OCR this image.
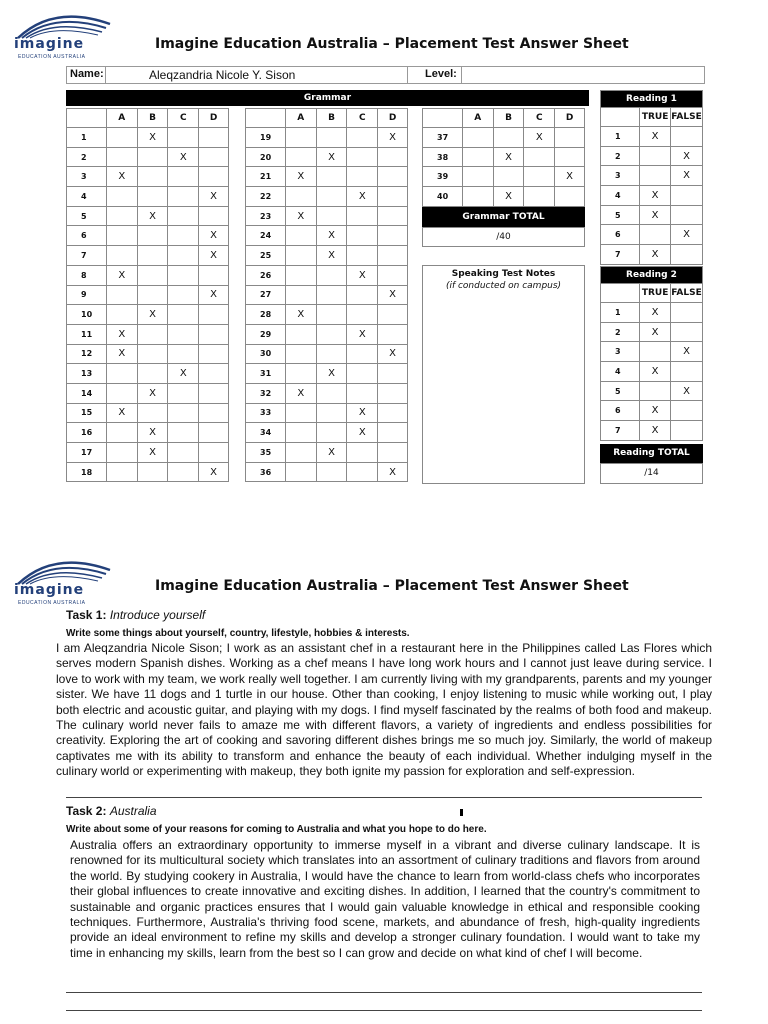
imagine
EDUCATION AUSTRALIA
Imagine Education Australia – Placement Test Answer Sheet
Name:	Aleqzandria Nicole Y. Sison	Level:
Grammar
	A	B	C	D
1		X		
2			X	
3	X			
4				X
5		X		
6				X
7				X
8	X			
9				X
10		X		
11	X			
12	X			
13			X	
14		X		
15	X			
16		X		
17		X		
18				X
	A	B	C	D
19				X
20		X		
21	X			
22			X	
23	X			
24		X		
25		X		
26			X	
27				X
28	X			
29			X	
30				X
31		X		
32	X			
33			X	
34			X	
35		X		
36				X
	A	B	C	D
37			X	
38		X		
39				X
40		X		
Grammar TOTAL
/40
Speaking Test Notes
(if conducted on campus)
Reading 1		
	TRUE	FALSE
1	X	
2		X
3		X
4	X	
5	X	
6		X
7	X	
Reading 2		
	TRUE	FALSE
1	X	
2	X	
3		X
4	X	
5		X
6	X	
7	X	
Reading TOTAL
/14
imagine
EDUCATION AUSTRALIA
Imagine Education Australia – Placement Test Answer Sheet
Task 1: Introduce yourself
Write some things about yourself, country, lifestyle, hobbies & interests.
I am Aleqzandria Nicole Sison; I work as an assistant chef in a restaurant here in the Philippines called Las Flores which serves modern Spanish dishes. Working as a chef means I have long work hours and I cannot just leave during service. I love to work with my team, we work really well together. I am currently living with my grandparents, parents and my younger sister. We have 11 dogs and 1 turtle in our house. Other than cooking, I enjoy listening to music while working out, I play both electric and acoustic guitar, and playing with my dogs. I find myself fascinated by the realms of both food and makeup. The culinary world never fails to amaze me with different flavors, a variety of ingredients and endless possibilities for creativity. Exploring the art of cooking and savoring different dishes brings me so much joy. Similarly, the world of makeup captivates me with its ability to transform and enhance the beauty of each individual. Whether indulging myself in the culinary world or experimenting with makeup, they both ignite my passion for exploration and self-expression.
Task 2: Australia
Write about some of your reasons for coming to Australia and what you hope to do here.
Australia offers an extraordinary opportunity to immerse myself in a vibrant and diverse culinary landscape. It is renowned for its multicultural society which translates into an assortment of culinary traditions and flavors from around the world. By studying cookery in Australia, I would have the chance to learn from world-class chefs who incorporates their global influences to create innovative and exciting dishes. In addition, I learned that the country's commitment to sustainable and organic practices ensures that I would gain valuable knowledge in ethical and responsible cooking techniques. Furthermore, Australia's thriving food scene, markets, and abundance of fresh, high-quality ingredients provide an ideal environment to refine my skills and develop a stronger culinary foundation. I would want to take my time in enhancing my skills, learn from the best so I can grow and decide on what kind of chef I will become.
